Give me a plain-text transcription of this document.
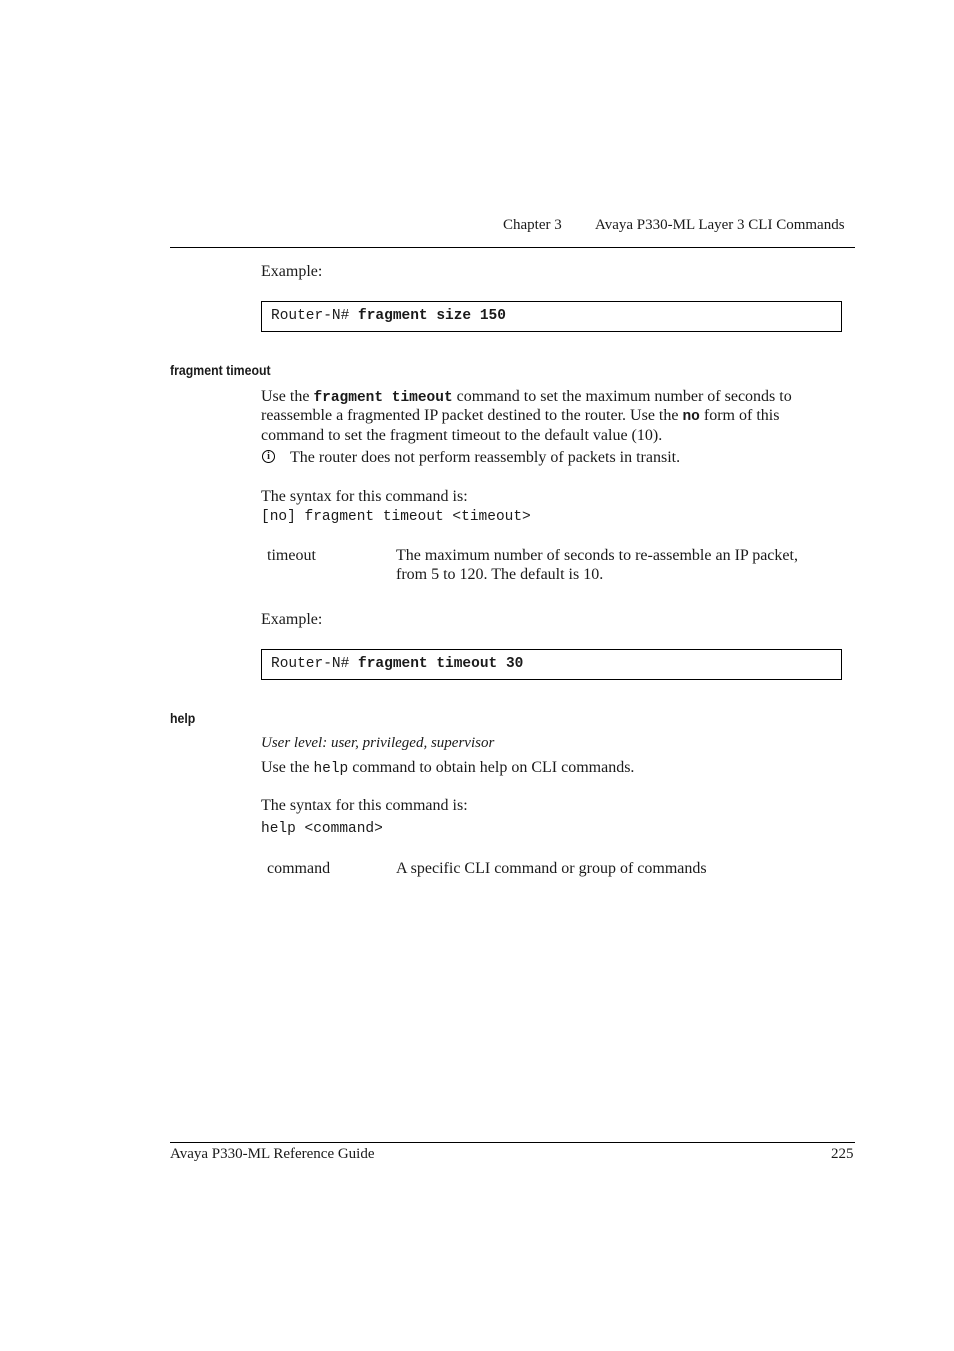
Chapter 3 Avaya P330-ML Layer 3 CLI Commands
Example:
Router-N# fragment size 150
fragment timeout
Use the fragment timeout command to set the maximum number of seconds to
reassemble a fragmented IP packet destined to the router. Use the no form of this
command to set the fragment timeout to the default value (10).
i	The router does not perform reassembly of packets in transit.
The syntax for this command is:
[no] fragment timeout <timeout>
timeout	The maximum number of seconds to re-assemble an IP packet,
from 5 to 120. The default is 10.
Example:
Router-N# fragment timeout 30
help
User level: user, privileged, supervisor
Use the help command to obtain help on CLI commands.
The syntax for this command is:
help <command>
command	A specific CLI command or group of commands
Avaya P330-ML Reference Guide	225
